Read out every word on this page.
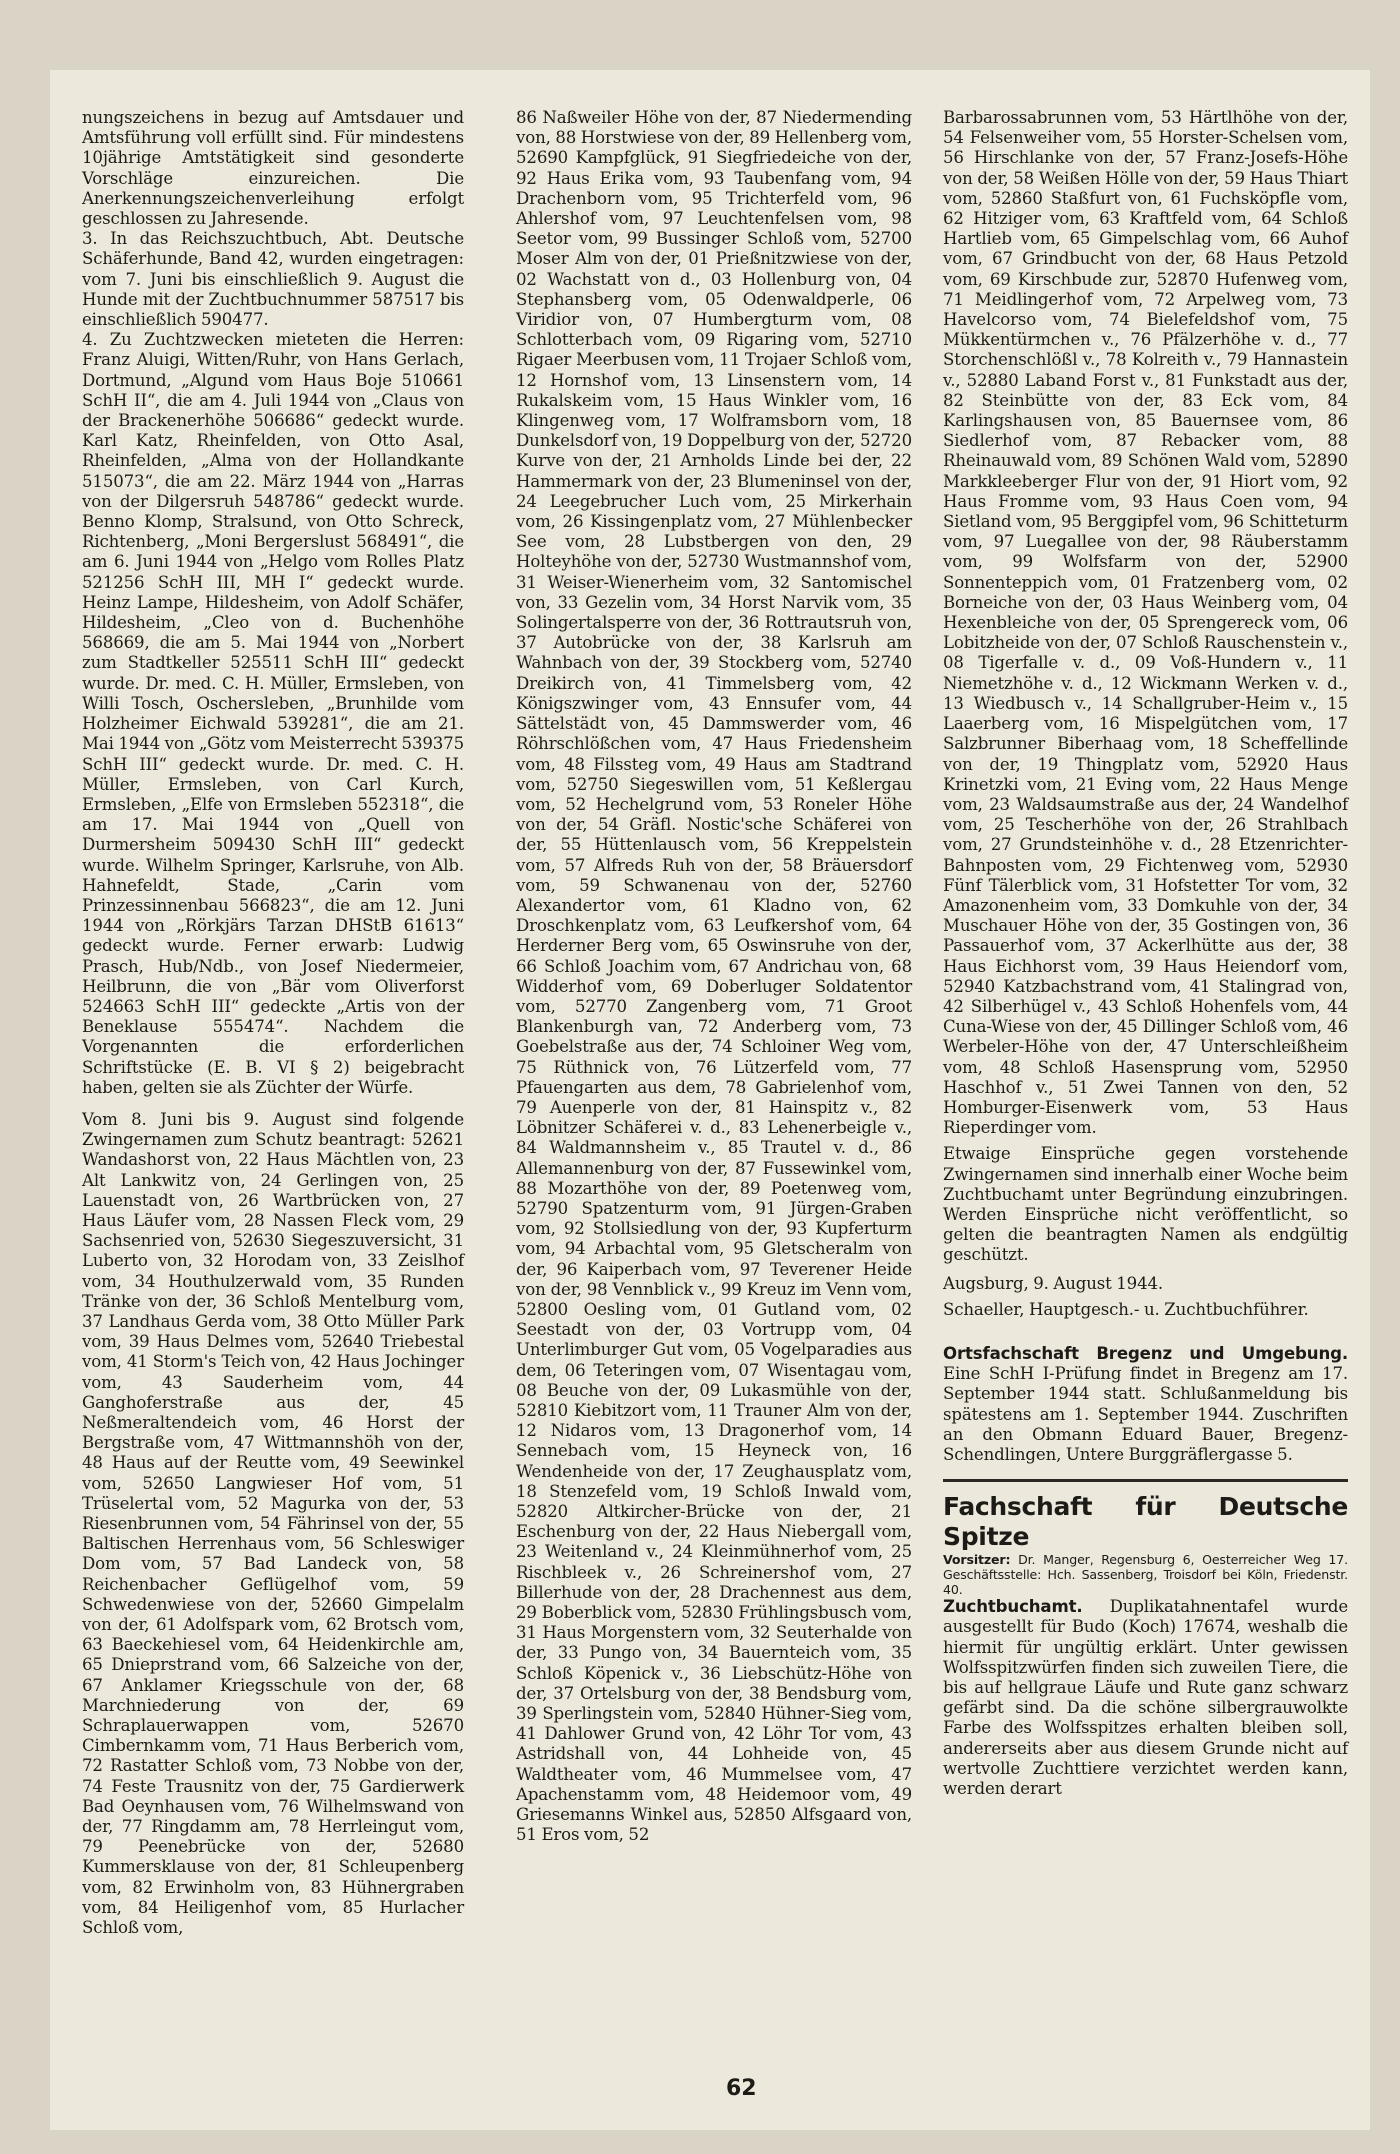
nungszeichens in bezug auf Amtsdauer und Amtsführung voll erfüllt sind. Für mindestens 10jährige Amtstätigkeit sind gesonderte Vorschläge einzureichen. Die Anerkennungszeichenverleihung erfolgt geschlossen zu Jahresende.

3. In das Reichszuchtbuch, Abt. Deutsche Schäferhunde, Band 42, wurden eingetragen: vom 7. Juni bis einschließlich 9. August die Hunde mit der Zuchtbuchnummer 587517 bis einschließlich 590477.

4. Zu Zuchtzwecken mieteten die Herren: Franz Aluigi, Witten/Ruhr, von Hans Gerlach, Dortmund, „Algund vom Haus Boje 510661 SchH II“, die am 4. Juli 1944 von „Claus von der Brackenerhöhe 506686“ gedeckt wurde. Karl Katz, Rheinfelden, von Otto Asal, Rheinfelden, „Alma von der Hollandkante 515073“, die am 22. März 1944 von „Harras von der Dilgersruh 548786“ gedeckt wurde. Benno Klomp, Stralsund, von Otto Schreck, Richtenberg, „Moni Bergerslust 568491“, die am 6. Juni 1944 von „Helgo vom Rolles Platz 521256 SchH III, MH I“ gedeckt wurde. Heinz Lampe, Hildesheim, von Adolf Schäfer, Hildesheim, „Cleo von d. Buchenhöhe 568669, die am 5. Mai 1944 von „Norbert zum Stadtkeller 525511 SchH III“ gedeckt wurde. Dr. med. C. H. Müller, Ermsleben, von Willi Tosch, Oschersleben, „Brunhilde vom Holzheimer Eichwald 539281“, die am 21. Mai 1944 von „Götz vom Meisterrecht 539375 SchH III“ gedeckt wurde. Dr. med. C. H. Müller, Ermsleben, von Carl Kurch, Ermsleben, „Elfe von Ermsleben 552318“, die am 17. Mai 1944 von „Quell von Durmersheim 509430 SchH III“ gedeckt wurde. Wilhelm Springer, Karlsruhe, von Alb. Hahnefeldt, Stade, „Carin vom Prinzessinnenbau 566823“, die am 12. Juni 1944 von „Rörkjärs Tarzan DHStB 61613“ gedeckt wurde. Ferner erwarb: Ludwig Prasch, Hub/Ndb., von Josef Niedermeier, Heilbrunn, die von „Bär vom Oliverforst 524663 SchH III“ gedeckte „Artis von der Beneklause 555474“. Nachdem die Vorgenannten die erforderlichen Schriftstücke (E. B. VI § 2) beigebracht haben, gelten sie als Züchter der Würfe.

Vom 8. Juni bis 9. August sind folgende Zwingernamen zum Schutz beantragt: 52621 Wandashorst von, 22 Haus Mächtlen von, 23 Alt Lankwitz von, 24 Gerlingen von, 25 Lauenstadt von, 26 Wartbrücken von, 27 Haus Läufer vom, 28 Nassen Fleck vom, 29 Sachsenried von, 52630 Siegeszuversicht, 31 Luberto von, 32 Horodam von, 33 Zeislhof vom, 34 Houthulzerwald vom, 35 Runden Tränke von der, 36 Schloß Mentelburg vom, 37 Landhaus Gerda vom, 38 Otto Müller Park vom, 39 Haus Delmes vom, 52640 Triebestal vom, 41 Storm's Teich von, 42 Haus Jochinger vom, 43 Sauderheim vom, 44 Ganghoferstraße aus der, 45 Neßmeraltendeich vom, 46 Horst der Bergstraße vom, 47 Wittmannshöh von der, 48 Haus auf der Reutte vom, 49 Seewinkel vom, 52650 Langwieser Hof vom, 51 Trüselertal vom, 52 Magurka von der, 53 Riesenbrunnen vom, 54 Fährinsel von der, 55 Baltischen Herrenhaus vom, 56 Schleswiger Dom vom, 57 Bad Landeck von, 58 Reichenbacher Geflügelhof vom, 59 Schwedenwiese von der, 52660 Gimpelalm von der, 61 Adolfspark vom, 62 Brotsch vom, 63 Baeckehiesel vom, 64 Heidenkirchle am, 65 Dnieprstrand vom, 66 Salzeiche von der, 67 Anklamer Kriegsschule von der, 68 Marchniederung von der, 69 Schraplauerwappen vom, 52670 Cimbernkamm vom, 71 Haus Berberich vom, 72 Rastatter Schloß vom, 73 Nobbe von der, 74 Feste Trausnitz von der, 75 Gardierwerk Bad Oeynhausen vom, 76 Wilhelmswand von der, 77 Ringdamm am, 78 Herrleingut vom, 79 Peenebrücke von der, 52680 Kummersklause von der, 81 Schleupenberg vom, 82 Erwinholm von, 83 Hühnergraben vom, 84 Heiligenhof vom, 85 Hurlacher Schloß vom,

86 Naßweiler Höhe von der, 87 Niedermending von, 88 Horstwiese von der, 89 Hellenberg vom, 52690 Kampfglück, 91 Siegfriedeiche von der, 92 Haus Erika vom, 93 Taubenfang vom, 94 Drachenborn vom, 95 Trichterfeld vom, 96 Ahlershof vom, 97 Leuchtenfelsen vom, 98 Seetor vom, 99 Bussinger Schloß vom, 52700 Moser Alm von der, 01 Prießnitzwiese von der, 02 Wachstatt von d., 03 Hollenburg von, 04 Stephansberg vom, 05 Odenwaldperle, 06 Viridior von, 07 Humbergturm vom, 08 Schlotterbach vom, 09 Rigaring vom, 52710 Rigaer Meerbusen vom, 11 Trojaer Schloß vom, 12 Hornshof vom, 13 Linsenstern vom, 14 Rukalskeim vom, 15 Haus Winkler vom, 16 Klingenweg vom, 17 Wolframsborn vom, 18 Dunkelsdorf von, 19 Doppelburg von der, 52720 Kurve von der, 21 Arnholds Linde bei der, 22 Hammermark von der, 23 Blumeninsel von der, 24 Leegebrucher Luch vom, 25 Mirkerhain vom, 26 Kissingenplatz vom, 27 Mühlenbecker See vom, 28 Lubstbergen von den, 29 Holteyhöhe von der, 52730 Wustmannshof vom, 31 Weiser-Wienerheim vom, 32 Santomischel von, 33 Gezelin vom, 34 Horst Narvik vom, 35 Solingertalsperre von der, 36 Rottrautsruh von, 37 Autobrücke von der, 38 Karlsruh am Wahnbach von der, 39 Stockberg vom, 52740 Dreikirch von, 41 Timmelsberg vom, 42 Königszwinger vom, 43 Ennsufer vom, 44 Sättelstädt von, 45 Dammswerder vom, 46 Röhrschlößchen vom, 47 Haus Friedensheim vom, 48 Filssteg vom, 49 Haus am Stadtrand vom, 52750 Siegeswillen vom, 51 Keßlergau vom, 52 Hechelgrund vom, 53 Roneler Höhe von der, 54 Gräfl. Nostic'sche Schäferei von der, 55 Hüttenlausch vom, 56 Kreppelstein vom, 57 Alfreds Ruh von der, 58 Bräuersdorf vom, 59 Schwanenau von der, 52760 Alexandertor vom, 61 Kladno von, 62 Droschkenplatz vom, 63 Leufkershof vom, 64 Herderner Berg vom, 65 Oswinsruhe von der, 66 Schloß Joachim vom, 67 Andrichau von, 68 Widderhof vom, 69 Doberluger Soldatentor vom, 52770 Zangenberg vom, 71 Groot Blankenburgh van, 72 Anderberg vom, 73 Goebelstraße aus der, 74 Schloiner Weg vom, 75 Rüthnick von, 76 Lützerfeld vom, 77 Pfauengarten aus dem, 78 Gabrielenhof vom, 79 Auenperle von der, 81 Hainspitz v., 82 Löbnitzer Schäferei v. d., 83 Lehenerbeigle v., 84 Waldmannsheim v., 85 Trautel v. d., 86 Allemannenburg von der, 87 Fussewinkel vom, 88 Mozarthöhe von der, 89 Poetenweg vom, 52790 Spatzenturm vom, 91 Jürgen-Graben vom, 92 Stollsiedlung von der, 93 Kupferturm vom, 94 Arbachtal vom, 95 Gletscheralm von der, 96 Kaiperbach vom, 97 Teverener Heide von der, 98 Vennblick v., 99 Kreuz im Venn vom, 52800 Oesling vom, 01 Gutland vom, 02 Seestadt von der, 03 Vortrupp vom, 04 Unterlimburger Gut vom, 05 Vogelparadies aus dem, 06 Teteringen vom, 07 Wisentagau vom, 08 Beuche von der, 09 Lukasmühle von der, 52810 Kiebitzort vom, 11 Trauner Alm von der, 12 Nidaros vom, 13 Dragonerhof vom, 14 Sennebach vom, 15 Heyneck von, 16 Wendenheide von der, 17 Zeughausplatz vom, 18 Stenzefeld vom, 19 Schloß Inwald vom, 52820 Altkircher-Brücke von der, 21 Eschenburg von der, 22 Haus Niebergall vom, 23 Weitenland v., 24 Kleinmühnerhof vom, 25 Rischbleek v., 26 Schreinershof vom, 27 Billerhude von der, 28 Drachennest aus dem, 29 Boberblick vom, 52830 Frühlingsbusch vom, 31 Haus Morgenstern vom, 32 Seuterhalde von der, 33 Pungo von, 34 Bauernteich vom, 35 Schloß Köpenick v., 36 Liebschütz-Höhe von der, 37 Ortelsburg von der, 38 Bendsburg vom, 39 Sperlingstein vom, 52840 Hühner-Sieg vom, 41 Dahlower Grund von, 42 Löhr Tor vom, 43 Astridshall von, 44 Lohheide von, 45 Waldtheater vom, 46 Mummelsee vom, 47 Apachenstamm vom, 48 Heidemoor vom, 49 Griesemanns Winkel aus, 52850 Alfsgaard von, 51 Eros vom, 52

Barbarossabrunnen vom, 53 Härtlhöhe von der, 54 Felsenweiher vom, 55 Horster-Schelsen vom, 56 Hirschlanke von der, 57 Franz-Josefs-Höhe von der, 58 Weißen Hölle von der, 59 Haus Thiart vom, 52860 Staßfurt von, 61 Fuchsköpfle vom, 62 Hitziger vom, 63 Kraftfeld vom, 64 Schloß Hartlieb vom, 65 Gimpelschlag vom, 66 Auhof vom, 67 Grindbucht von der, 68 Haus Petzold vom, 69 Kirschbude zur, 52870 Hufenweg vom, 71 Meidlingerhof vom, 72 Arpelweg vom, 73 Havelcorso vom, 74 Bielefeldshof vom, 75 Mükkentürmchen v., 76 Pfälzerhöhe v. d., 77 Storchenschlößl v., 78 Kolreith v., 79 Hannastein v., 52880 Laband Forst v., 81 Funkstadt aus der, 82 Steinbütte von der, 83 Eck vom, 84 Karlingshausen von, 85 Bauernsee vom, 86 Siedlerhof vom, 87 Rebacker vom, 88 Rheinauwald vom, 89 Schönen Wald vom, 52890 Markkleeberger Flur von der, 91 Hiort vom, 92 Haus Fromme vom, 93 Haus Coen vom, 94 Sietland vom, 95 Berggipfel vom, 96 Schitteturm vom, 97 Luegallee von der, 98 Räuberstamm vom, 99 Wolfsfarm von der, 52900 Sonnenteppich vom, 01 Fratzenberg vom, 02 Borneiche von der, 03 Haus Weinberg vom, 04 Hexenbleiche von der, 05 Sprengereck vom, 06 Lobitzheide von der, 07 Schloß Rauschenstein v., 08 Tigerfalle v. d., 09 Voß-Hundern v., 11 Niemetzhöhe v. d., 12 Wickmann Werken v. d., 13 Wiedbusch v., 14 Schallgruber-Heim v., 15 Laaerberg vom, 16 Mispelgütchen vom, 17 Salzbrunner Biberhaag vom, 18 Scheffellinde von der, 19 Thingplatz vom, 52920 Haus Krinetzki vom, 21 Eving vom, 22 Haus Menge vom, 23 Waldsaumstraße aus der, 24 Wandelhof vom, 25 Tescherhöhe von der, 26 Strahlbach vom, 27 Grundsteinhöhe v. d., 28 Etzenrichter-Bahnposten vom, 29 Fichtenweg vom, 52930 Fünf Tälerblick vom, 31 Hofstetter Tor vom, 32 Amazonenheim vom, 33 Domkuhle von der, 34 Muschauer Höhe von der, 35 Gostingen von, 36 Passauerhof vom, 37 Ackerlhütte aus der, 38 Haus Eichhorst vom, 39 Haus Heiendorf vom, 52940 Katzbachstrand vom, 41 Stalingrad von, 42 Silberhügel v., 43 Schloß Hohenfels vom, 44 Cuna-Wiese von der, 45 Dillinger Schloß vom, 46 Werbeler-Höhe von der, 47 Unterschleißheim vom, 48 Schloß Hasensprung vom, 52950 Haschhof v., 51 Zwei Tannen von den, 52 Homburger-Eisenwerk vom, 53 Haus Rieperdinger vom.

Etwaige Einsprüche gegen vorstehende Zwingernamen sind innerhalb einer Woche beim Zuchtbuchamt unter Begründung einzubringen. Werden Einsprüche nicht veröffentlicht, so gelten die beantragten Namen als endgültig geschützt.

Augsburg, 9. August 1944.

Schaeller, Hauptgesch.- u. Zuchtbuchführer.

Ortsfachschaft Bregenz und Umgebung. Eine SchH I-Prüfung findet in Bregenz am 17. September 1944 statt. Schlußanmeldung bis spätestens am 1. September 1944. Zuschriften an den Obmann Eduard Bauer, Bregenz-Schendlingen, Untere Burggräflergasse 5.

Fachschaft für Deutsche Spitze

Vorsitzer: Dr. Manger, Regensburg 6, Oesterreicher Weg 17. Geschäftsstelle: Hch. Sassenberg, Troisdorf bei Köln, Friedenstr. 40.

Zuchtbuchamt. Duplikatahnentafel wurde ausgestellt für Budo (Koch) 17674, weshalb die hiermit für ungültig erklärt. Unter gewissen Wolfsspitzwürfen finden sich zuweilen Tiere, die bis auf hellgraue Läufe und Rute ganz schwarz gefärbt sind. Da die schöne silbergrauwolkte Farbe des Wolfsspitzes erhalten bleiben soll, andererseits aber aus diesem Grunde nicht auf wertvolle Zuchttiere verzichtet werden kann, werden derart

62
